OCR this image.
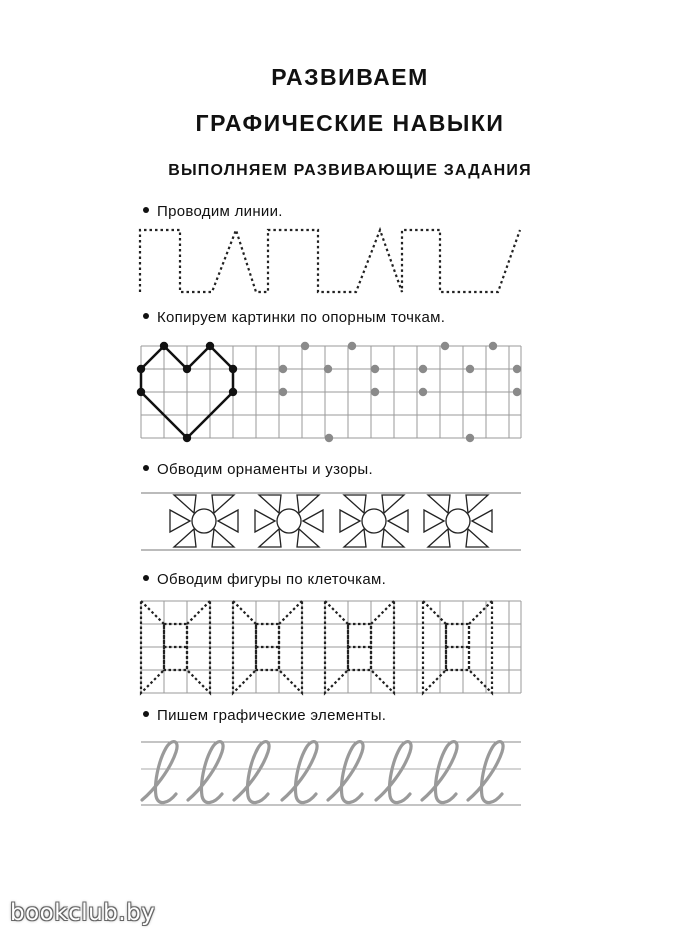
РАЗВИВАЕМ
ГРАФИЧЕСКИЕ НАВЫКИ
ВЫПОЛНЯЕМ РАЗВИВАЮЩИЕ ЗАДАНИЯ
Проводим линии.
Копируем картинки по опорным точкам.
Обводим орнаменты и узоры.
Обводим фигуры по клеточкам.
Пишем графические элементы.
bookclub.by
